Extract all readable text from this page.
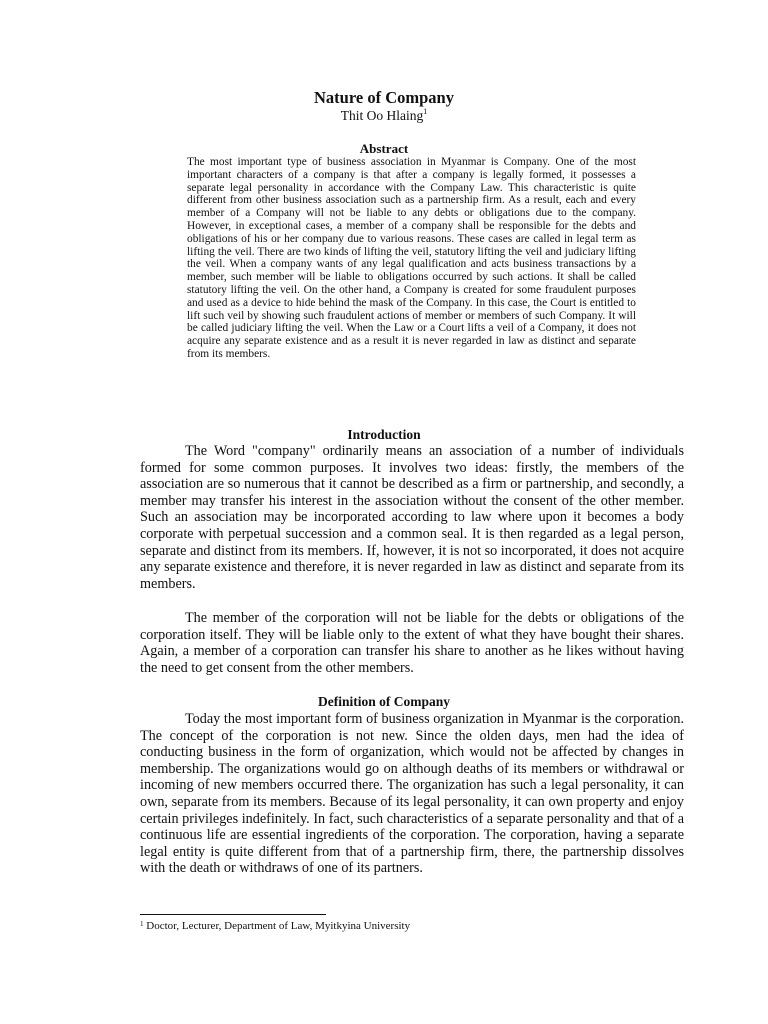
Nature of Company
Thit Oo Hlaing$^1$
Abstract

The most important type of business association in Myanmar is Company. One of the most important characters of a company is that after a company is legally formed, it possesses a separate legal personality in accordance with the Company Law. This characteristic is quite different from other business association such as a partnership firm. As a result, each and every member of a Company will not be liable to any debts or obligations due to the company. However, in exceptional cases, a member of a company shall be responsible for the debts and obligations of his or her company due to various reasons. These cases are called in legal term as lifting the veil. There are two kinds of lifting the veil, statutory lifting the veil and judiciary lifting the veil. When a company wants of any legal qualification and acts business transactions by a member, such member will be liable to obligations occurred by such actions. It shall be called statutory lifting the veil. On the other hand, a Company is created for some fraudulent purposes and used as a device to hide behind the mask of the Company. In this case, the Court is entitled to lift such veil by showing such fraudulent actions of member or members of such Company. It will be called judiciary lifting the veil. When the Law or a Court lifts a veil of a Company, it does not acquire any separate existence and as a result it is never regarded in law as distinct and separate from its members.

Introduction

The Word "company" ordinarily means an association of a number of individuals formed for some common purposes. It involves two ideas: firstly, the members of the association are so numerous that it cannot be described as a firm or partnership, and secondly, a member may transfer his interest in the association without the consent of the other member. Such an association may be incorporated according to law where upon it becomes a body corporate with perpetual succession and a common seal. It is then regarded as a legal person, separate and distinct from its members. If, however, it is not so incorporated, it does not acquire any separate existence and therefore, it is never regarded in law as distinct and separate from its members.

The member of the corporation will not be liable for the debts or obligations of the corporation itself. They will be liable only to the extent of what they have bought their shares. Again, a member of a corporation can transfer his share to another as he likes without having the need to get consent from the other members.

Definition of Company

Today the most important form of business organization in Myanmar is the corporation. The concept of the corporation is not new. Since the olden days, men had the idea of conducting business in the form of organization, which would not be affected by changes in membership. The organizations would go on although deaths of its members or withdrawal or incoming of new members occurred there. The organization has such a legal personality, it can own, separate from its members. Because of its legal personality, it can own property and enjoy certain privileges indefinitely. In fact, such characteristics of a separate personality and that of a continuous life are essential ingredients of the corporation. The corporation, having a separate legal entity is quite different from that of a partnership firm, there, the partnership dissolves with the death or withdraws of one of its partners.

$^1$ Doctor, Lecturer, Department of Law, Myitkyina University
